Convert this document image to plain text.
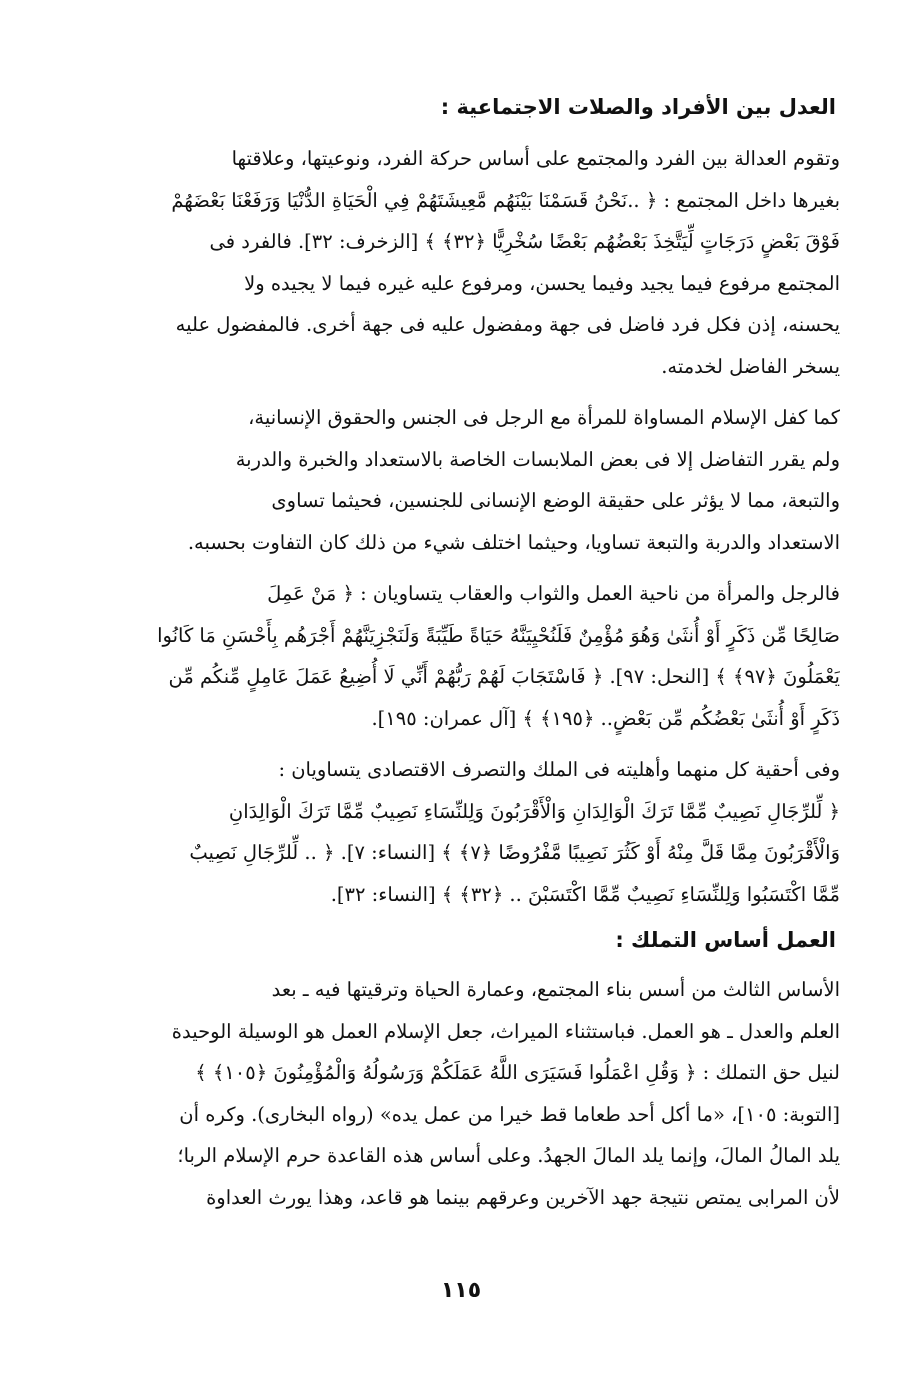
العدل بين الأفراد والصلات الاجتماعية :
وتقوم العدالة بين الفرد والمجتمع على أساس حركة الفرد، ونوعيتها، وعلاقتها
بغيرها داخل المجتمع : ﴿ ..نَحْنُ قَسَمْنَا بَيْنَهُم مَّعِيشَتَهُمْ فِي الْحَيَاةِ الدُّنْيَا وَرَفَعْنَا بَعْضَهُمْ
فَوْقَ بَعْضٍ دَرَجَاتٍ لِّيَتَّخِذَ بَعْضُهُم بَعْضًا سُخْرِيًّا ﴿٣٢﴾ ﴾ [الزخرف: ٣٢]. فالفرد فى
المجتمع مرفوع فيما يجيد وفيما يحسن، ومرفوع عليه غيره فيما لا يجيده ولا
يحسنه، إذن فكل فرد فاضل فى جهة ومفضول عليه فى جهة أخرى. فالمفضول عليه
يسخر الفاضل لخدمته.
كما كفل الإسلام المساواة للمرأة مع الرجل فى الجنس والحقوق الإنسانية،
ولم يقرر التفاضل إلا فى بعض الملابسات الخاصة بالاستعداد والخبرة والدربة
والتبعة، مما لا يؤثر على حقيقة الوضع الإنسانى للجنسين، فحيثما تساوى
الاستعداد والدربة والتبعة تساويا، وحيثما اختلف شيء من ذلك كان التفاوت بحسبه.
فالرجل والمرأة من ناحية العمل والثواب والعقاب يتساويان : ﴿ مَنْ عَمِلَ
صَالِحًا مِّن ذَكَرٍ أَوْ أُنثَىٰ وَهُوَ مُؤْمِنٌ فَلَنُحْيِيَنَّهُ حَيَاةً طَيِّبَةً وَلَنَجْزِيَنَّهُمْ أَجْرَهُم بِأَحْسَنِ مَا كَانُوا
يَعْمَلُونَ ﴿٩٧﴾ ﴾ [النحل: ٩٧]. ﴿ فَاسْتَجَابَ لَهُمْ رَبُّهُمْ أَنِّي لَا أُضِيعُ عَمَلَ عَامِلٍ مِّنكُم مِّن
ذَكَرٍ أَوْ أُنثَىٰ بَعْضُكُم مِّن بَعْضٍ.. ﴿١٩٥﴾ ﴾ [آل عمران: ١٩٥].
وفى أحقية كل منهما وأهليته فى الملك والتصرف الاقتصادى يتساويان :
﴿ لِّلرِّجَالِ نَصِيبٌ مِّمَّا تَرَكَ الْوَالِدَانِ وَالْأَقْرَبُونَ وَلِلنِّسَاءِ نَصِيبٌ مِّمَّا تَرَكَ الْوَالِدَانِ
وَالْأَقْرَبُونَ مِمَّا قَلَّ مِنْهُ أَوْ كَثُرَ نَصِيبًا مَّفْرُوضًا ﴿٧﴾ ﴾ [النساء: ٧]. ﴿ .. لِّلرِّجَالِ نَصِيبٌ
مِّمَّا اكْتَسَبُوا وَلِلنِّسَاءِ نَصِيبٌ مِّمَّا اكْتَسَبْنَ .. ﴿٣٢﴾ ﴾ [النساء: ٣٢].
العمل أساس التملك :
الأساس الثالث من أسس بناء المجتمع، وعمارة الحياة وترقيتها فيه ـ بعد
العلم والعدل ـ هو العمل. فباستثناء الميراث، جعل الإسلام العمل هو الوسيلة الوحيدة
لنيل حق التملك : ﴿ وَقُلِ اعْمَلُوا فَسَيَرَى اللَّهُ عَمَلَكُمْ وَرَسُولُهُ وَالْمُؤْمِنُونَ ﴿١٠٥﴾ ﴾
[التوبة: ١٠٥]، «ما أكل أحد طعاما قط خيرا من عمل يده» (رواه البخارى). وكره أن
يلد المالُ المالَ، وإنما يلد المالَ الجهدُ. وعلى أساس هذه القاعدة حرم الإسلام الربا؛
لأن المرابى يمتص نتيجة جهد الآخرين وعرقهم بينما هو قاعد، وهذا يورث العداوة
١١٥
